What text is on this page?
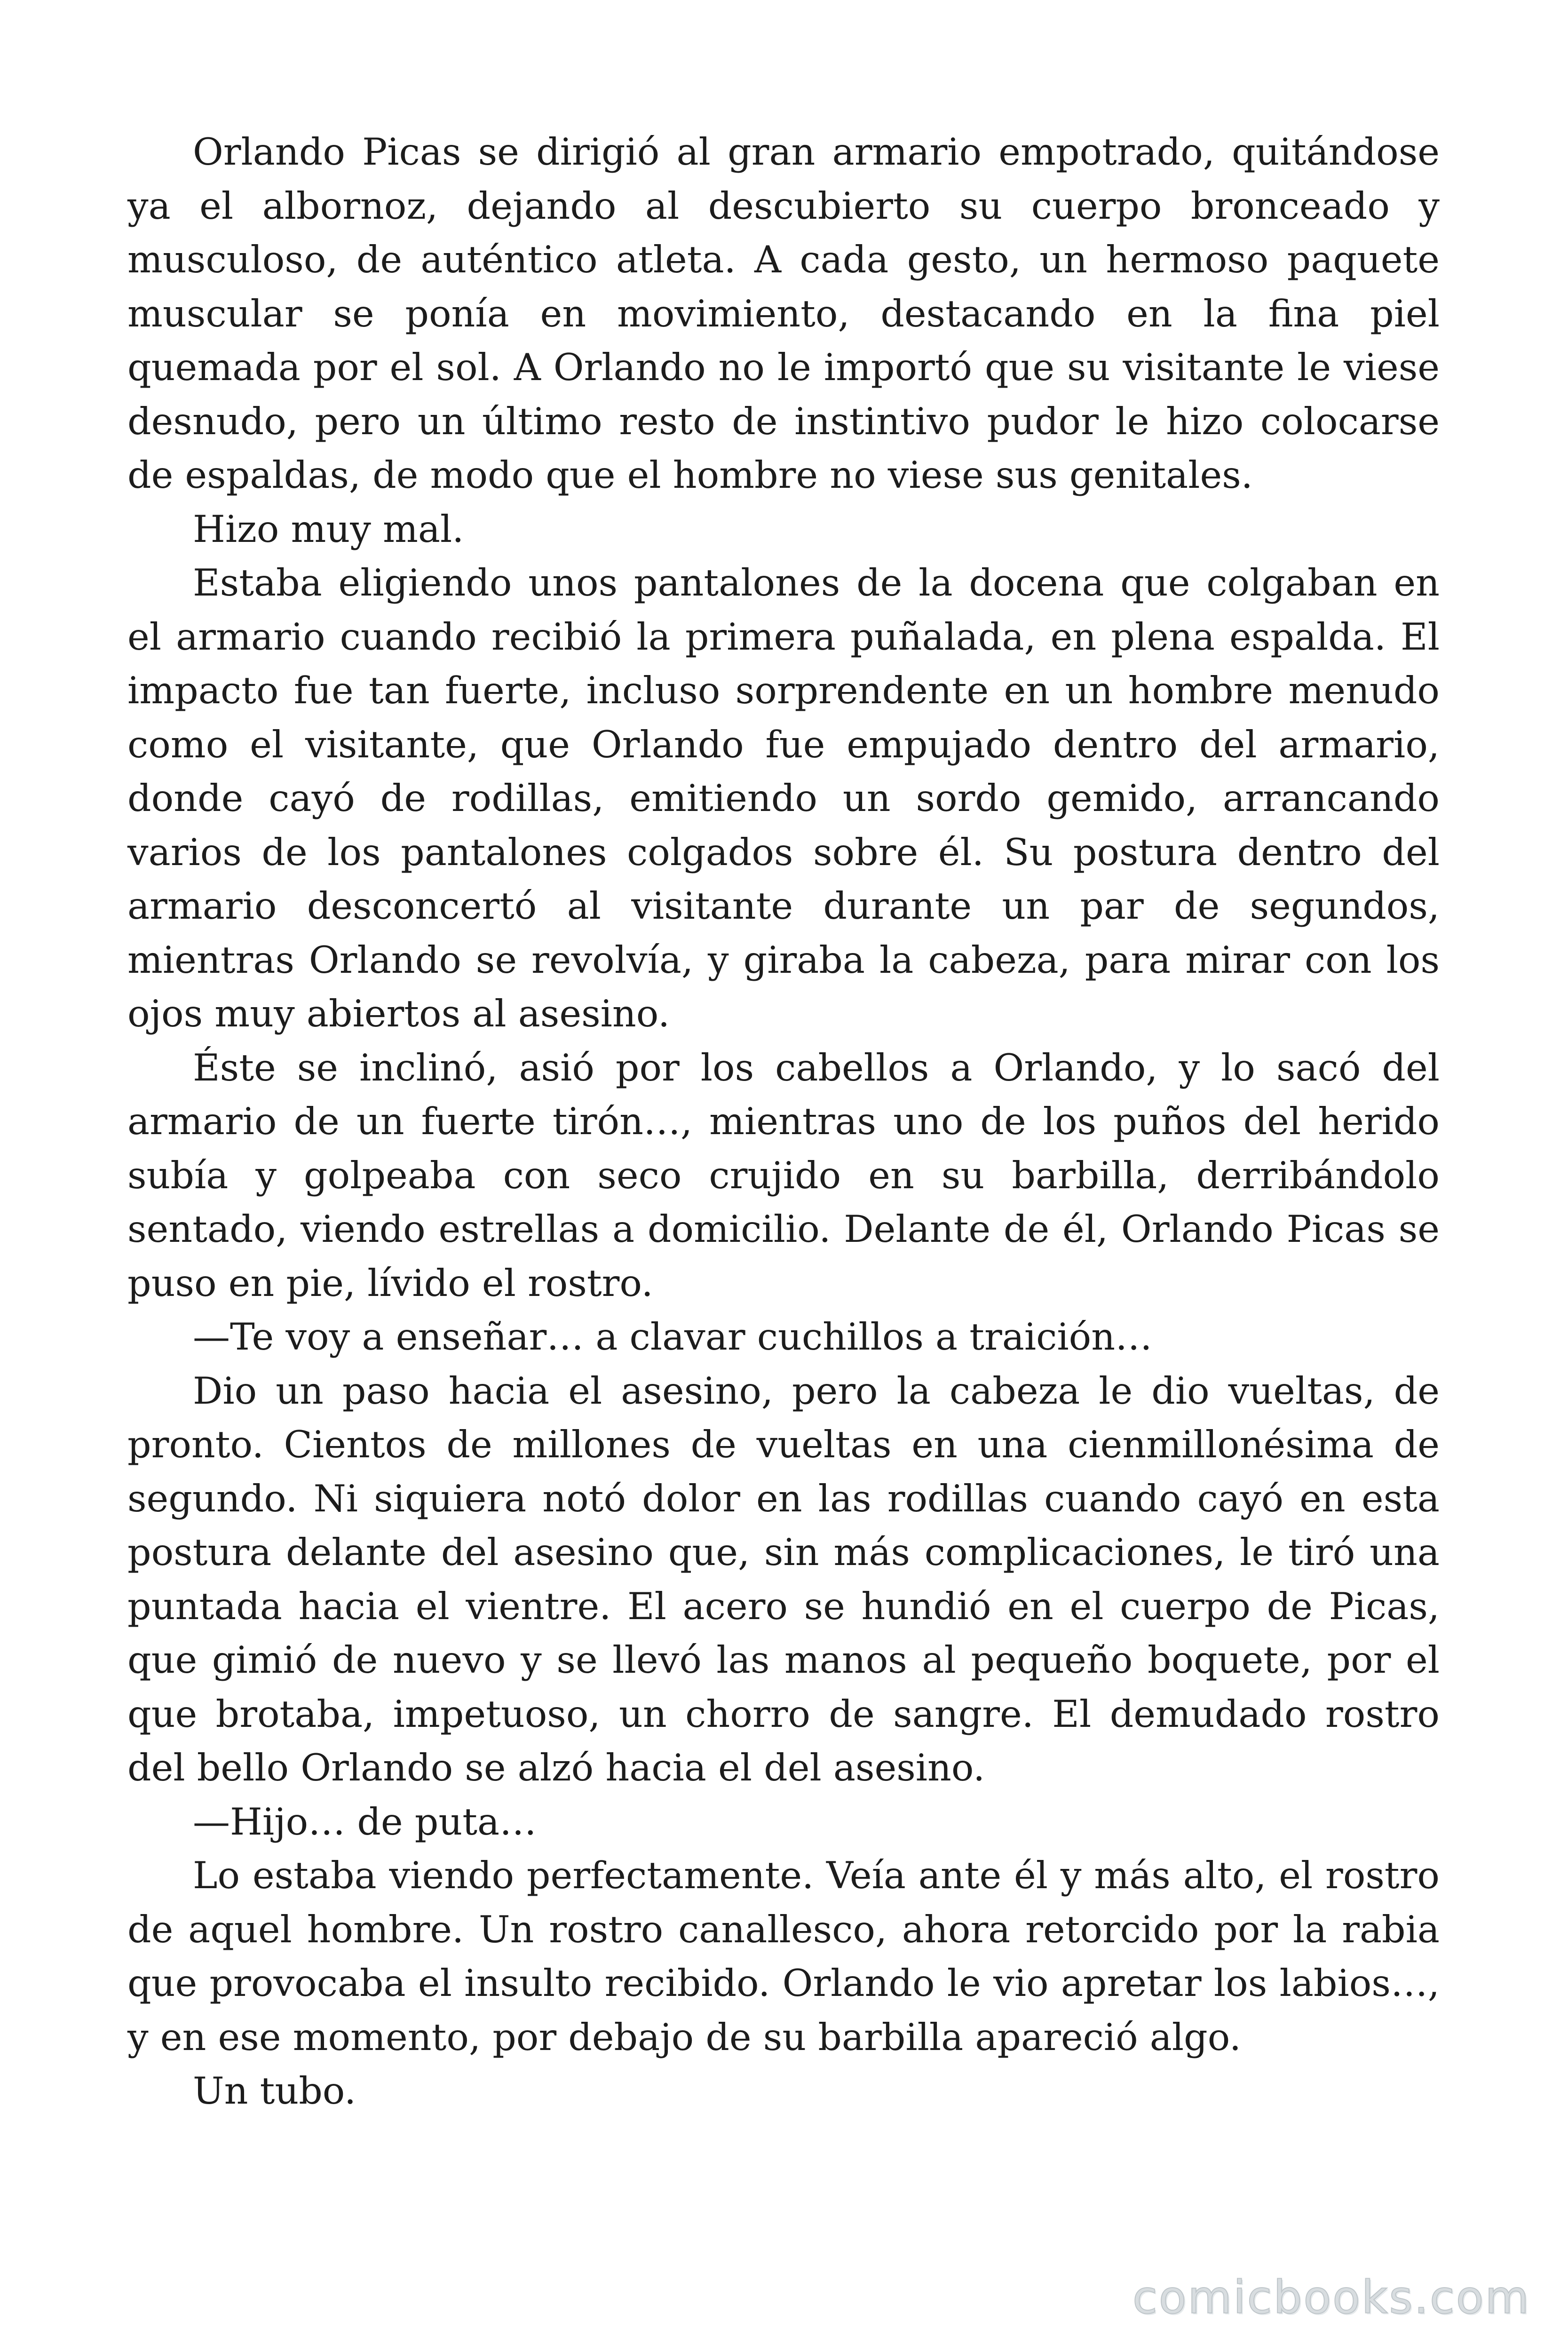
Orlando Picas se dirigió al gran armario empotrado, quitándose ya el albornoz, dejando al descubierto su cuerpo bronceado y musculoso, de auténtico atleta. A cada gesto, un hermoso paquete muscular se ponía en movimiento, destacando en la fina piel quemada por el sol. A Orlando no le importó que su visitante le viese desnudo, pero un último resto de instintivo pudor le hizo colocarse de espaldas, de modo que el hombre no viese sus genitales.

Hizo muy mal.

Estaba eligiendo unos pantalones de la docena que colgaban en el armario cuando recibió la primera puñalada, en plena espalda. El impacto fue tan fuerte, incluso sorprendente en un hombre menudo como el visitante, que Orlando fue empujado dentro del armario, donde cayó de rodillas, emitiendo un sordo gemido, arrancando varios de los pantalones colgados sobre él. Su postura dentro del armario desconcertó al visitante durante un par de segundos, mientras Orlando se revolvía, y giraba la cabeza, para mirar con los ojos muy abiertos al asesino.

Éste se inclinó, asió por los cabellos a Orlando, y lo sacó del armario de un fuerte tirón…, mientras uno de los puños del herido subía y golpeaba con seco crujido en su barbilla, derribándolo sentado, viendo estrellas a domicilio. Delante de él, Orlando Picas se puso en pie, lívido el rostro.

—Te voy a enseñar… a clavar cuchillos a traición…

Dio un paso hacia el asesino, pero la cabeza le dio vueltas, de pronto. Cientos de millones de vueltas en una cienmillonésima de segundo. Ni siquiera notó dolor en las rodillas cuando cayó en esta postura delante del asesino que, sin más complicaciones, le tiró una puntada hacia el vientre. El acero se hundió en el cuerpo de Picas, que gimió de nuevo y se llevó las manos al pequeño boquete, por el que brotaba, impetuoso, un chorro de sangre. El demudado rostro del bello Orlando se alzó hacia el del asesino.

—Hijo… de puta…

Lo estaba viendo perfectamente. Veía ante él y más alto, el rostro de aquel hombre. Un rostro canallesco, ahora retorcido por la rabia que provocaba el insulto recibido. Orlando le vio apretar los labios…, y en ese momento, por debajo de su barbilla apareció algo.

Un tubo.

comicbooks.com
